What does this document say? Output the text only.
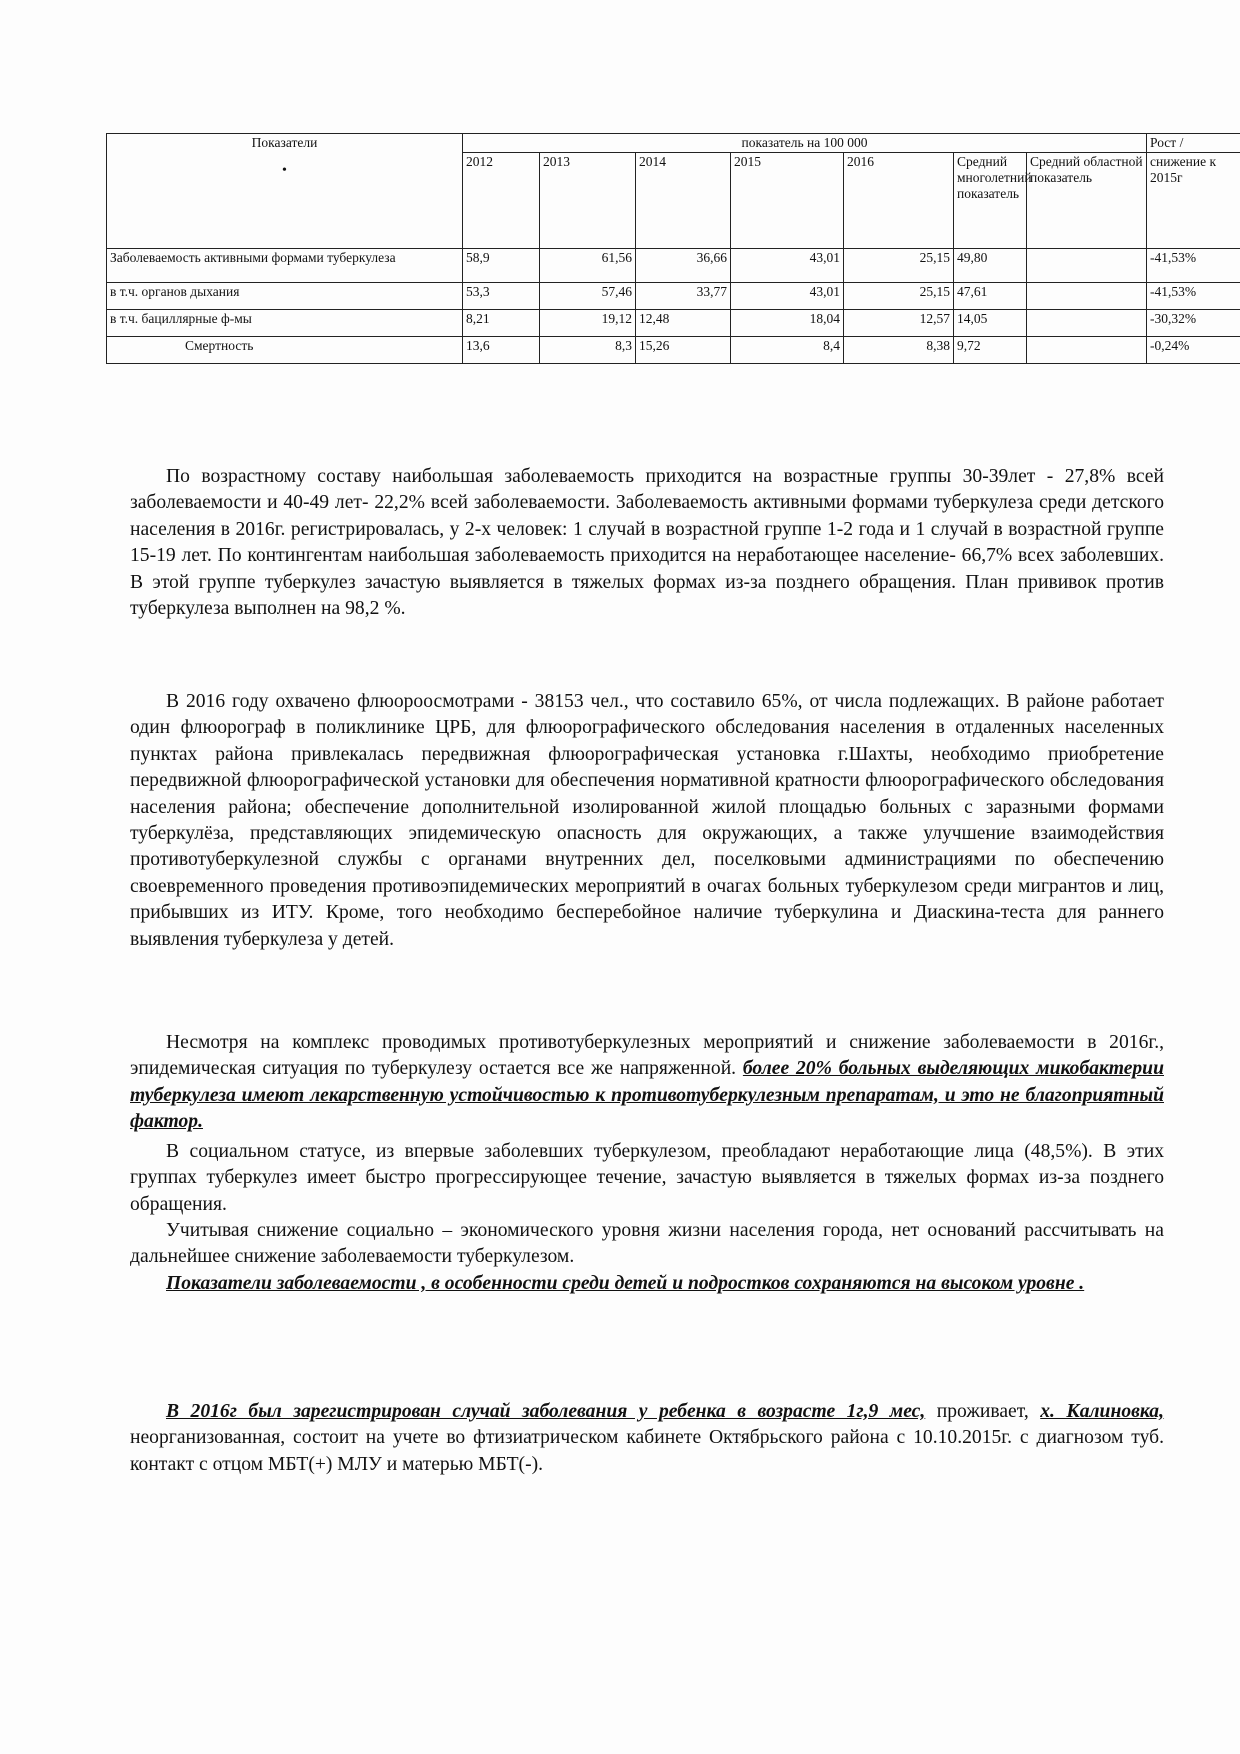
Показатели
•	показатель на 100 000							Рост /
	2012	2013	2014	2015	2016	Средний многолетний показатель	Средний областной показатель	снижение к 2015г
Заболеваемость активными формами туберкулеза	58,9	61,56	36,66	43,01	25,15	49,80		-41,53%
в т.ч. органов дыхания	53,3	57,46	33,77	43,01	25,15	47,61		-41,53%
в т.ч. бациллярные ф-мы	8,21	19,12	12,48	18,04	12,57	14,05		-30,32%
Смертность	13,6	8,3	15,26	8,4	8,38	9,72		-0,24%

По возрастному составу наибольшая заболеваемость приходится на возрастные группы 30-39лет - 27,8% всей заболеваемости и 40-49 лет- 22,2% всей заболеваемости. Заболеваемость активными формами туберкулеза среди детского населения в 2016г. регистрировалась, у 2-х человек: 1 случай в возрастной группе 1-2 года и 1 случай в возрастной группе 15-19 лет. По контингентам наибольшая заболеваемость приходится на неработающее население- 66,7% всех заболевших. В этой группе туберкулез зачастую выявляется в тяжелых формах из-за позднего обращения. План прививок против туберкулеза выполнен на 98,2 %.

В 2016 году охвачено флюороосмотрами - 38153 чел., что составило 65%, от числа подлежащих. В районе работает один флюорограф в поликлинике ЦРБ, для флюорографического обследования населения в отдаленных населенных пунктах района привлекалась передвижная флюорографическая установка г.Шахты, необходимо приобретение передвижной флюорографической установки для обеспечения нормативной кратности флюорографического обследования населения района; обеспечение дополнительной изолированной жилой площадью больных с заразными формами туберкулёза, представляющих эпидемическую опасность для окружающих, а также улучшение взаимодействия противотуберкулезной службы с органами внутренних дел, поселковыми администрациями по обеспечению своевременного проведения противоэпидемических мероприятий в очагах больных туберкулезом среди мигрантов и лиц, прибывших из ИТУ. Кроме, того необходимо бесперебойное наличие туберкулина и Диаскина-теста для раннего выявления туберкулеза у детей.

Несмотря на комплекс проводимых противотуберкулезных мероприятий и снижение заболеваемости в 2016г., эпидемическая ситуация по туберкулезу остается все же напряженной. более 20% больных выделяющих микобактерии туберкулеза имеют лекарственную устойчивостью к противотуберкулезным препаратам, и это не благоприятный фактор.

В социальном статусе, из впервые заболевших туберкулезом, преобладают неработающие лица (48,5%). В этих группах туберкулез имеет быстро прогрессирующее течение, зачастую выявляется в тяжелых формах из-за позднего обращения.

Учитывая снижение социально – экономического уровня жизни населения города, нет оснований рассчитывать на дальнейшее снижение заболеваемости туберкулезом.

Показатели заболеваемости , в особенности среди детей и подростков сохраняются на высоком уровне .

В 2016г был зарегистрирован случай заболевания у ребенка в возрасте 1г,9 мес, проживает, х. Калиновка, неорганизованная, состоит на учете во фтизиатрическом кабинете Октябрьского района с 10.10.2015г. с диагнозом туб. контакт с отцом МБТ(+) МЛУ и матерью МБТ(-).
